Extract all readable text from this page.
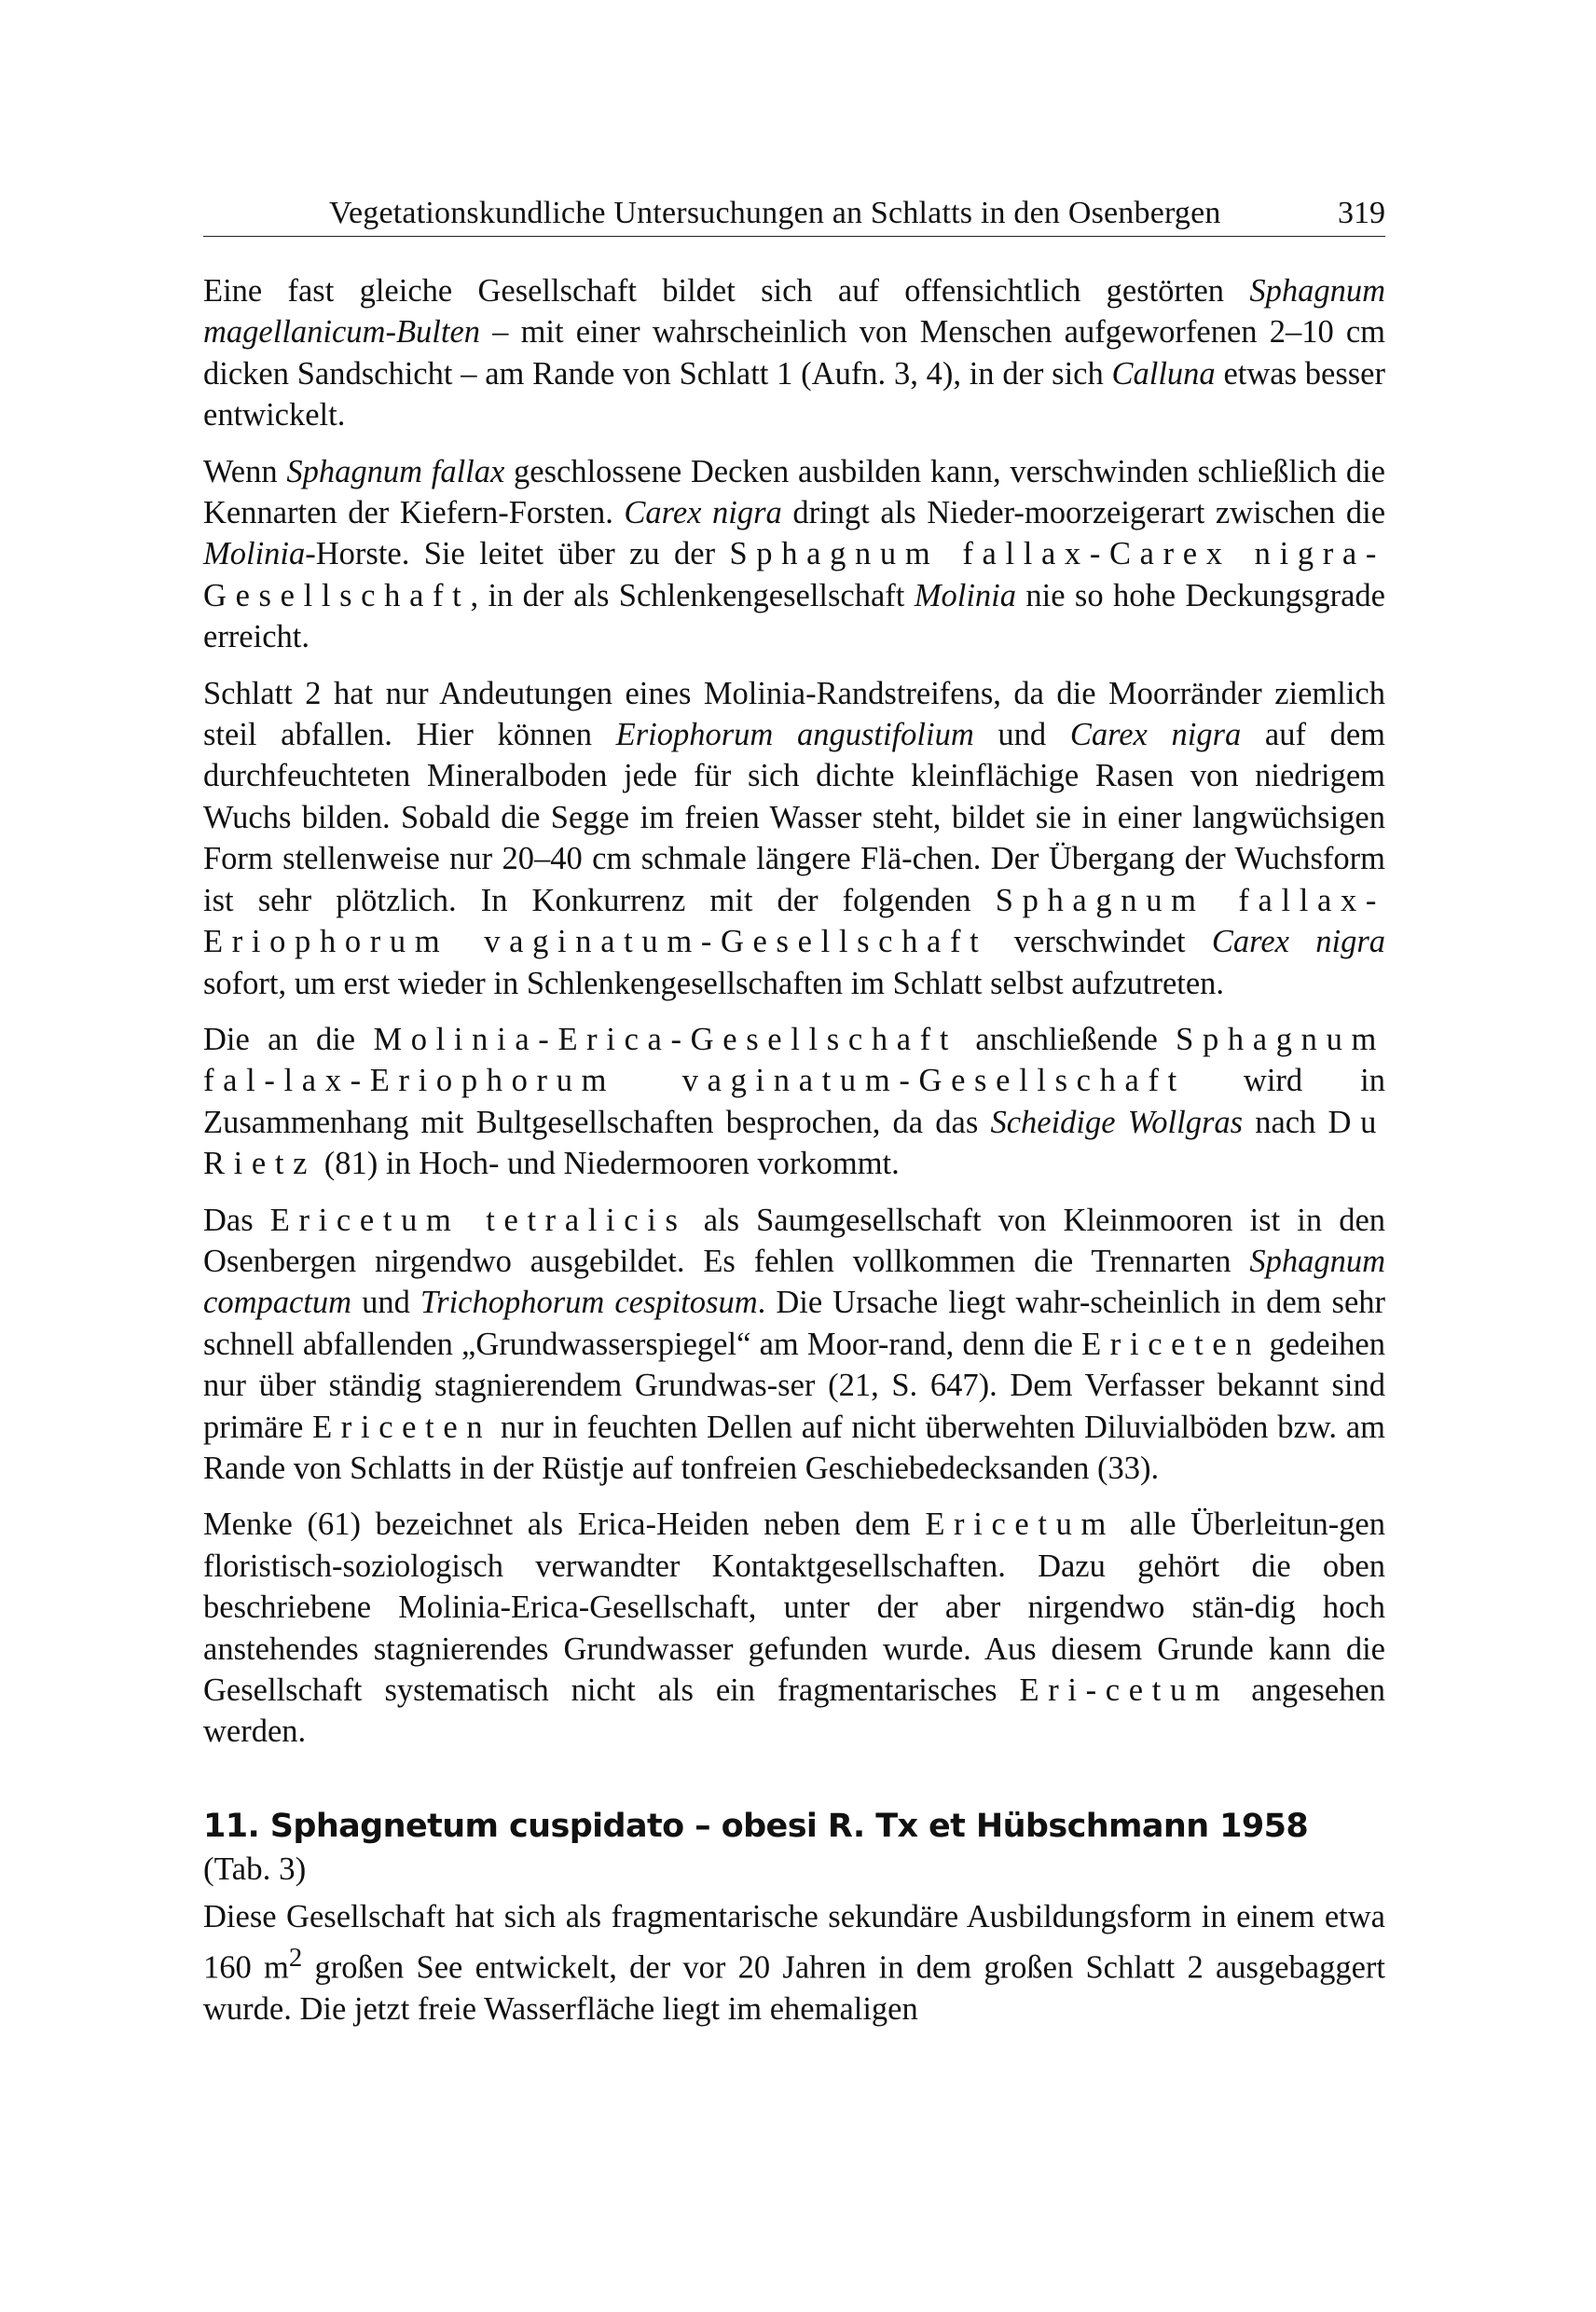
Vegetationskundliche Untersuchungen an Schlatts in den Osenbergen	319

Eine fast gleiche Gesellschaft bildet sich auf offensichtlich gestörten Sphagnum magellanicum-Bulten – mit einer wahrscheinlich von Menschen aufgeworfenen 2–10 cm dicken Sandschicht – am Rande von Schlatt 1 (Aufn. 3, 4), in der sich Calluna etwas besser entwickelt.

Wenn Sphagnum fallax geschlossene Decken ausbilden kann, verschwinden schließlich die Kennarten der Kiefern-Forsten. Carex nigra dringt als Nieder-moorzeigerart zwischen die Molinia-Horste. Sie leitet über zu der Sphagnum fallax-Carex nigra-Gesellschaft, in der als Schlenkengesellschaft Molinia nie so hohe Deckungsgrade erreicht.

Schlatt 2 hat nur Andeutungen eines Molinia-Randstreifens, da die Moorränder ziemlich steil abfallen. Hier können Eriophorum angustifolium und Carex nigra auf dem durchfeuchteten Mineralboden jede für sich dichte kleinflächige Rasen von niedrigem Wuchs bilden. Sobald die Segge im freien Wasser steht, bildet sie in einer langwüchsigen Form stellenweise nur 20–40 cm schmale längere Flä-chen. Der Übergang der Wuchsform ist sehr plötzlich. In Konkurrenz mit der folgenden Sphagnum fallax-Eriophorum vaginatum-Gesellschaft verschwindet Carex nigra sofort, um erst wieder in Schlenkengesellschaften im Schlatt selbst aufzutreten.

Die an die Molinia-Erica-Gesellschaft anschließende Sphagnum fal-lax-Eriophorum vaginatum-Gesellschaft wird in Zusammenhang mit Bultgesellschaften besprochen, da das Scheidige Wollgras nach Du Rietz (81) in Hoch- und Niedermooren vorkommt.

Das Ericetum tetralicis als Saumgesellschaft von Kleinmooren ist in den Osenbergen nirgendwo ausgebildet. Es fehlen vollkommen die Trennarten Sphagnum compactum und Trichophorum cespitosum. Die Ursache liegt wahr-scheinlich in dem sehr schnell abfallenden „Grundwasserspiegel“ am Moor-rand, denn die Ericeten gedeihen nur über ständig stagnierendem Grundwas-ser (21, S. 647). Dem Verfasser bekannt sind primäre Ericeten nur in feuchten Dellen auf nicht überwehten Diluvialböden bzw. am Rande von Schlatts in der Rüstje auf tonfreien Geschiebedecksanden (33).

Menke (61) bezeichnet als Erica-Heiden neben dem Ericetum alle Überleitun-gen floristisch-soziologisch verwandter Kontaktgesellschaften. Dazu gehört die oben beschriebene Molinia-Erica-Gesellschaft, unter der aber nirgendwo stän-dig hoch anstehendes stagnierendes Grundwasser gefunden wurde. Aus diesem Grunde kann die Gesellschaft systematisch nicht als ein fragmentarisches Eri-cetum angesehen werden.

11. Sphagnetum cuspidato – obesi R. Tx et Hübschmann 1958 (Tab. 3)

Diese Gesellschaft hat sich als fragmentarische sekundäre Ausbildungsform in einem etwa 160 $m^2$ großen See entwickelt, der vor 20 Jahren in dem großen Schlatt 2 ausgebaggert wurde. Die jetzt freie Wasserfläche liegt im ehemaligen
